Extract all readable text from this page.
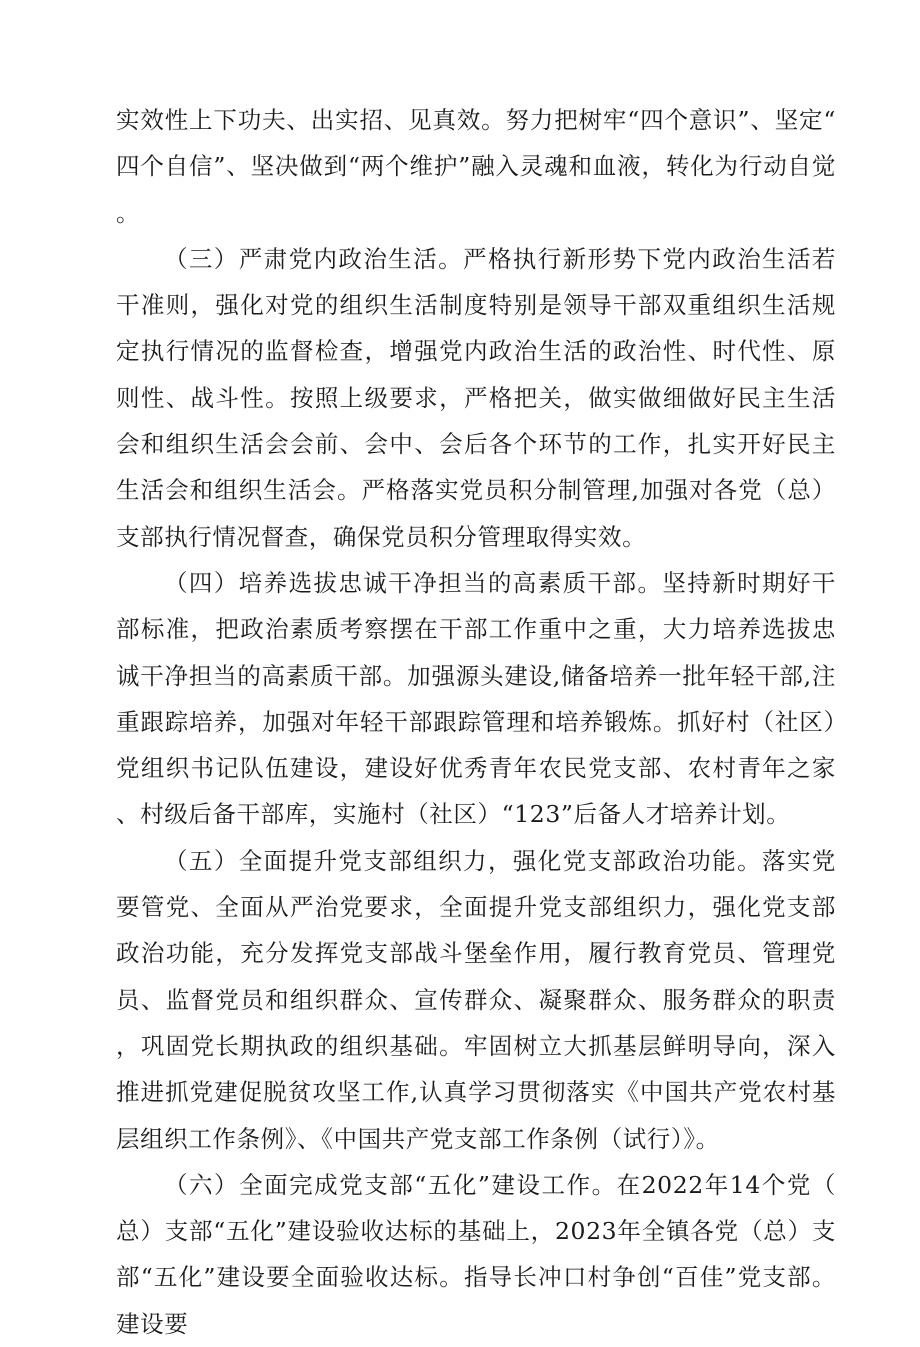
实效性上下功夫、出实招、见真效。努力把树牢“四个意识”、坚定“四个自信”、坚决做到“两个维护”融入灵魂和血液，转化为行动自觉。

（三）严肃党内政治生活。严格执行新形势下党内政治生活若干准则，强化对党的组织生活制度特别是领导干部双重组织生活规定执行情况的监督检查，增强党内政治生活的政治性、时代性、原则性、战斗性。按照上级要求，严格把关，做实做细做好民主生活会和组织生活会会前、会中、会后各个环节的工作，扎实开好民主生活会和组织生活会。严格落实党员积分制管理,加强对各党（总）支部执行情况督查，确保党员积分管理取得实效。

（四）培养选拔忠诚干净担当的高素质干部。坚持新时期好干部标准，把政治素质考察摆在干部工作重中之重，大力培养选拔忠诚干净担当的高素质干部。加强源头建设,储备培养一批年轻干部,注重跟踪培养，加强对年轻干部跟踪管理和培养锻炼。抓好村（社区）党组织书记队伍建设，建设好优秀青年农民党支部、农村青年之家、村级后备干部库，实施村（社区）“123”后备人才培养计划。

（五）全面提升党支部组织力，强化党支部政治功能。落实党要管党、全面从严治党要求，全面提升党支部组织力，强化党支部政治功能，充分发挥党支部战斗堡垒作用，履行教育党员、管理党员、监督党员和组织群众、宣传群众、凝聚群众、服务群众的职责，巩固党长期执政的组织基础。牢固树立大抓基层鲜明导向，深入推进抓党建促脱贫攻坚工作,认真学习贯彻落实《中国共产党农村基层组织工作条例》、《中国共产党支部工作条例（试行）》。

（六）全面完成党支部“五化”建设工作。在2022年14个党（总）支部“五化”建设验收达标的基础上，2023年全镇各党（总）支部“五化”建设要全面验收达标。指导长冲口村争创“百佳”党支部。建设要
